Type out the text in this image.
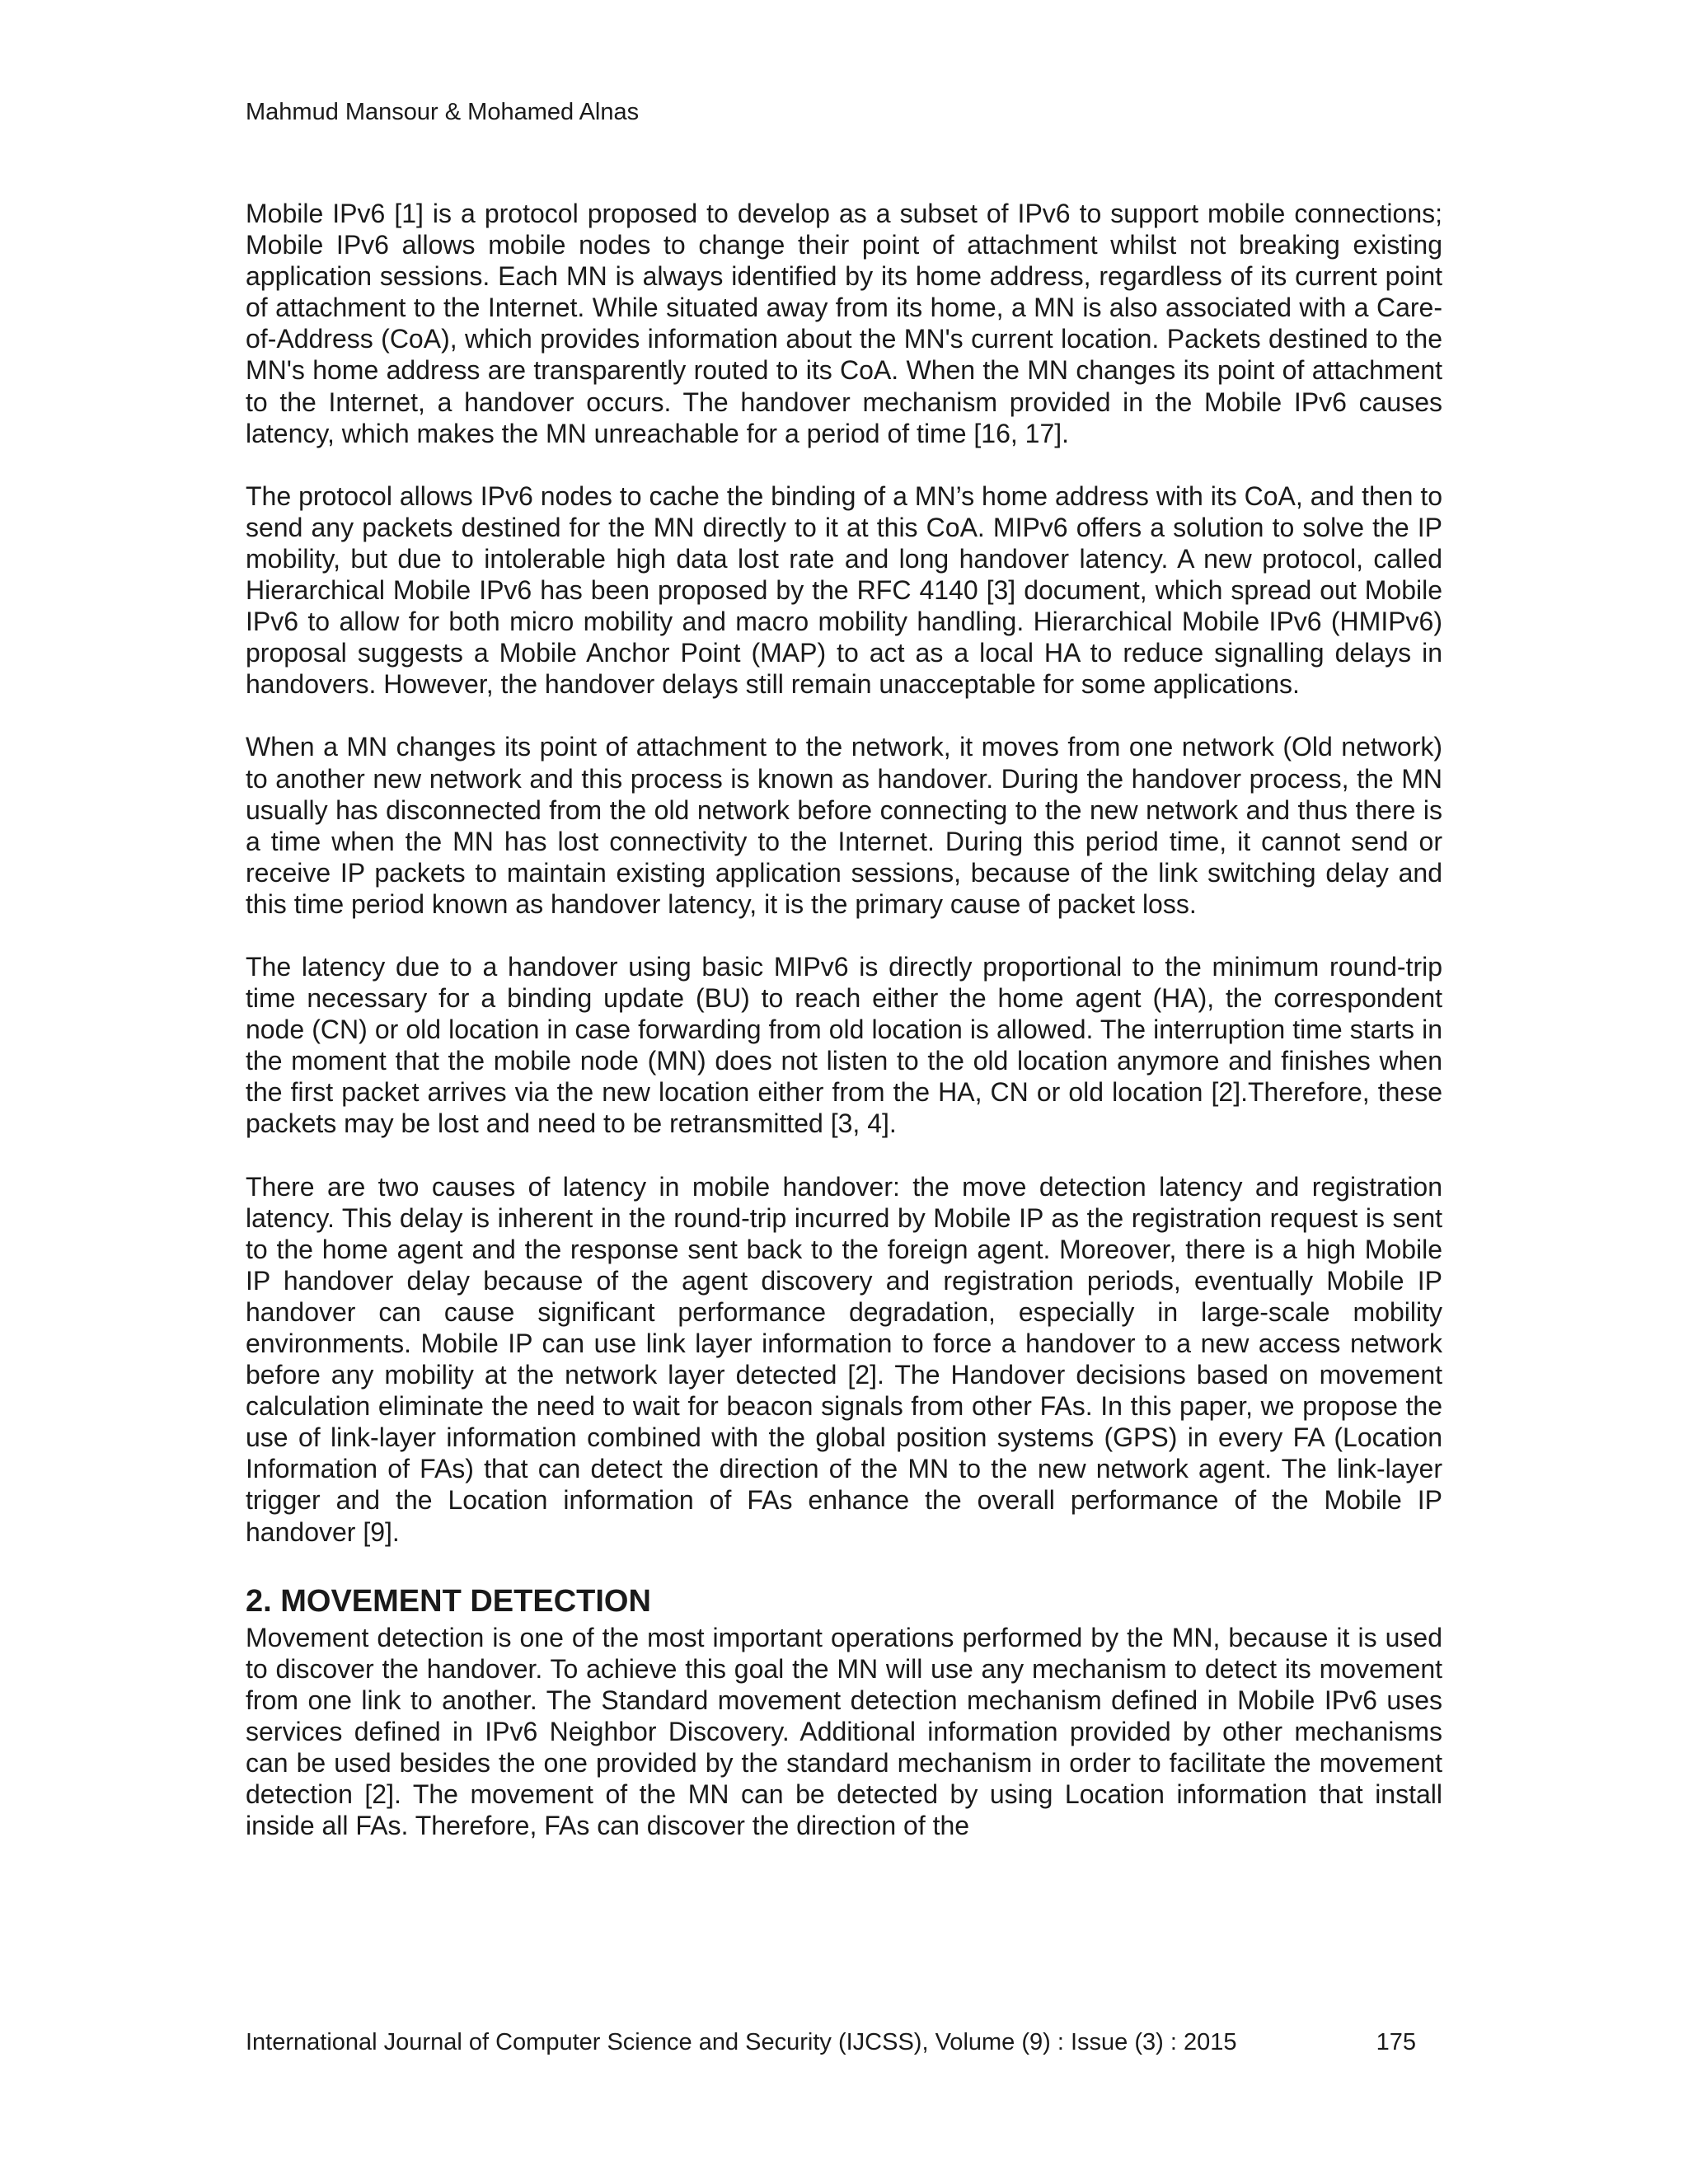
Mahmud Mansour & Mohamed Alnas

Mobile IPv6 [1] is a protocol proposed to develop as a subset of IPv6 to support mobile connections; Mobile IPv6 allows mobile nodes to change their point of attachment whilst not breaking existing application sessions. Each MN is always identified by its home address, regardless of its current point of attachment to the Internet. While situated away from its home, a MN is also associated with a Care-of-Address (CoA), which provides information about the MN's current location. Packets destined to the MN's home address are transparently routed to its CoA. When the MN changes its point of attachment to the Internet, a handover occurs. The handover mechanism provided in the Mobile IPv6 causes latency, which makes the MN unreachable for a period of time [16, 17].

The protocol allows IPv6 nodes to cache the binding of a MN’s home address with its CoA, and then to send any packets destined for the MN directly to it at this CoA. MIPv6 offers a solution to solve the IP mobility, but due to intolerable high data lost rate and long handover latency. A new protocol, called Hierarchical Mobile IPv6 has been proposed by the RFC 4140 [3] document, which spread out Mobile IPv6 to allow for both micro mobility and macro mobility handling. Hierarchical Mobile IPv6 (HMIPv6) proposal suggests a Mobile Anchor Point (MAP) to act as a local HA to reduce signalling delays in handovers. However, the handover delays still remain unacceptable for some applications.

When a MN changes its point of attachment to the network, it moves from one network (Old network) to another new network and this process is known as handover. During the handover process, the MN usually has disconnected from the old network before connecting to the new network and thus there is a time when the MN has lost connectivity to the Internet. During this period time, it cannot send or receive IP packets to maintain existing application sessions, because of the link switching delay and this time period known as handover latency, it is the primary cause of packet loss.

The latency due to a handover using basic MIPv6 is directly proportional to the minimum round-trip time necessary for a binding update (BU) to reach either the home agent (HA), the correspondent node (CN) or old location in case forwarding from old location is allowed. The interruption time starts in the moment that the mobile node (MN) does not listen to the old location anymore and finishes when the first packet arrives via the new location either from the HA, CN or old location [2].Therefore, these packets may be lost and need to be retransmitted [3, 4].

There are two causes of latency in mobile handover: the move detection latency and registration latency. This delay is inherent in the round-trip incurred by Mobile IP as the registration request is sent to the home agent and the response sent back to the foreign agent. Moreover, there is a high Mobile IP handover delay because of the agent discovery and registration periods, eventually Mobile IP handover can cause significant performance degradation, especially in large-scale mobility environments. Mobile IP can use link layer information to force a handover to a new access network before any mobility at the network layer detected [2]. The Handover decisions based on movement calculation eliminate the need to wait for beacon signals from other FAs. In this paper, we propose the use of link-layer information combined with the global position systems (GPS) in every FA (Location Information of FAs) that can detect the direction of the MN to the new network agent. The link-layer trigger and the Location information of FAs enhance the overall performance of the Mobile IP handover [9].

2. MOVEMENT DETECTION

Movement detection is one of the most important operations performed by the MN, because it is used to discover the handover. To achieve this goal the MN will use any mechanism to detect its movement from one link to another. The Standard movement detection mechanism defined in Mobile IPv6 uses services defined in IPv6 Neighbor Discovery. Additional information provided by other mechanisms can be used besides the one provided by the standard mechanism in order to facilitate the movement detection [2]. The movement of the MN can be detected by using Location information that install inside all FAs. Therefore, FAs can discover the direction of the

International Journal of Computer Science and Security (IJCSS), Volume (9) : Issue (3) : 2015	175
